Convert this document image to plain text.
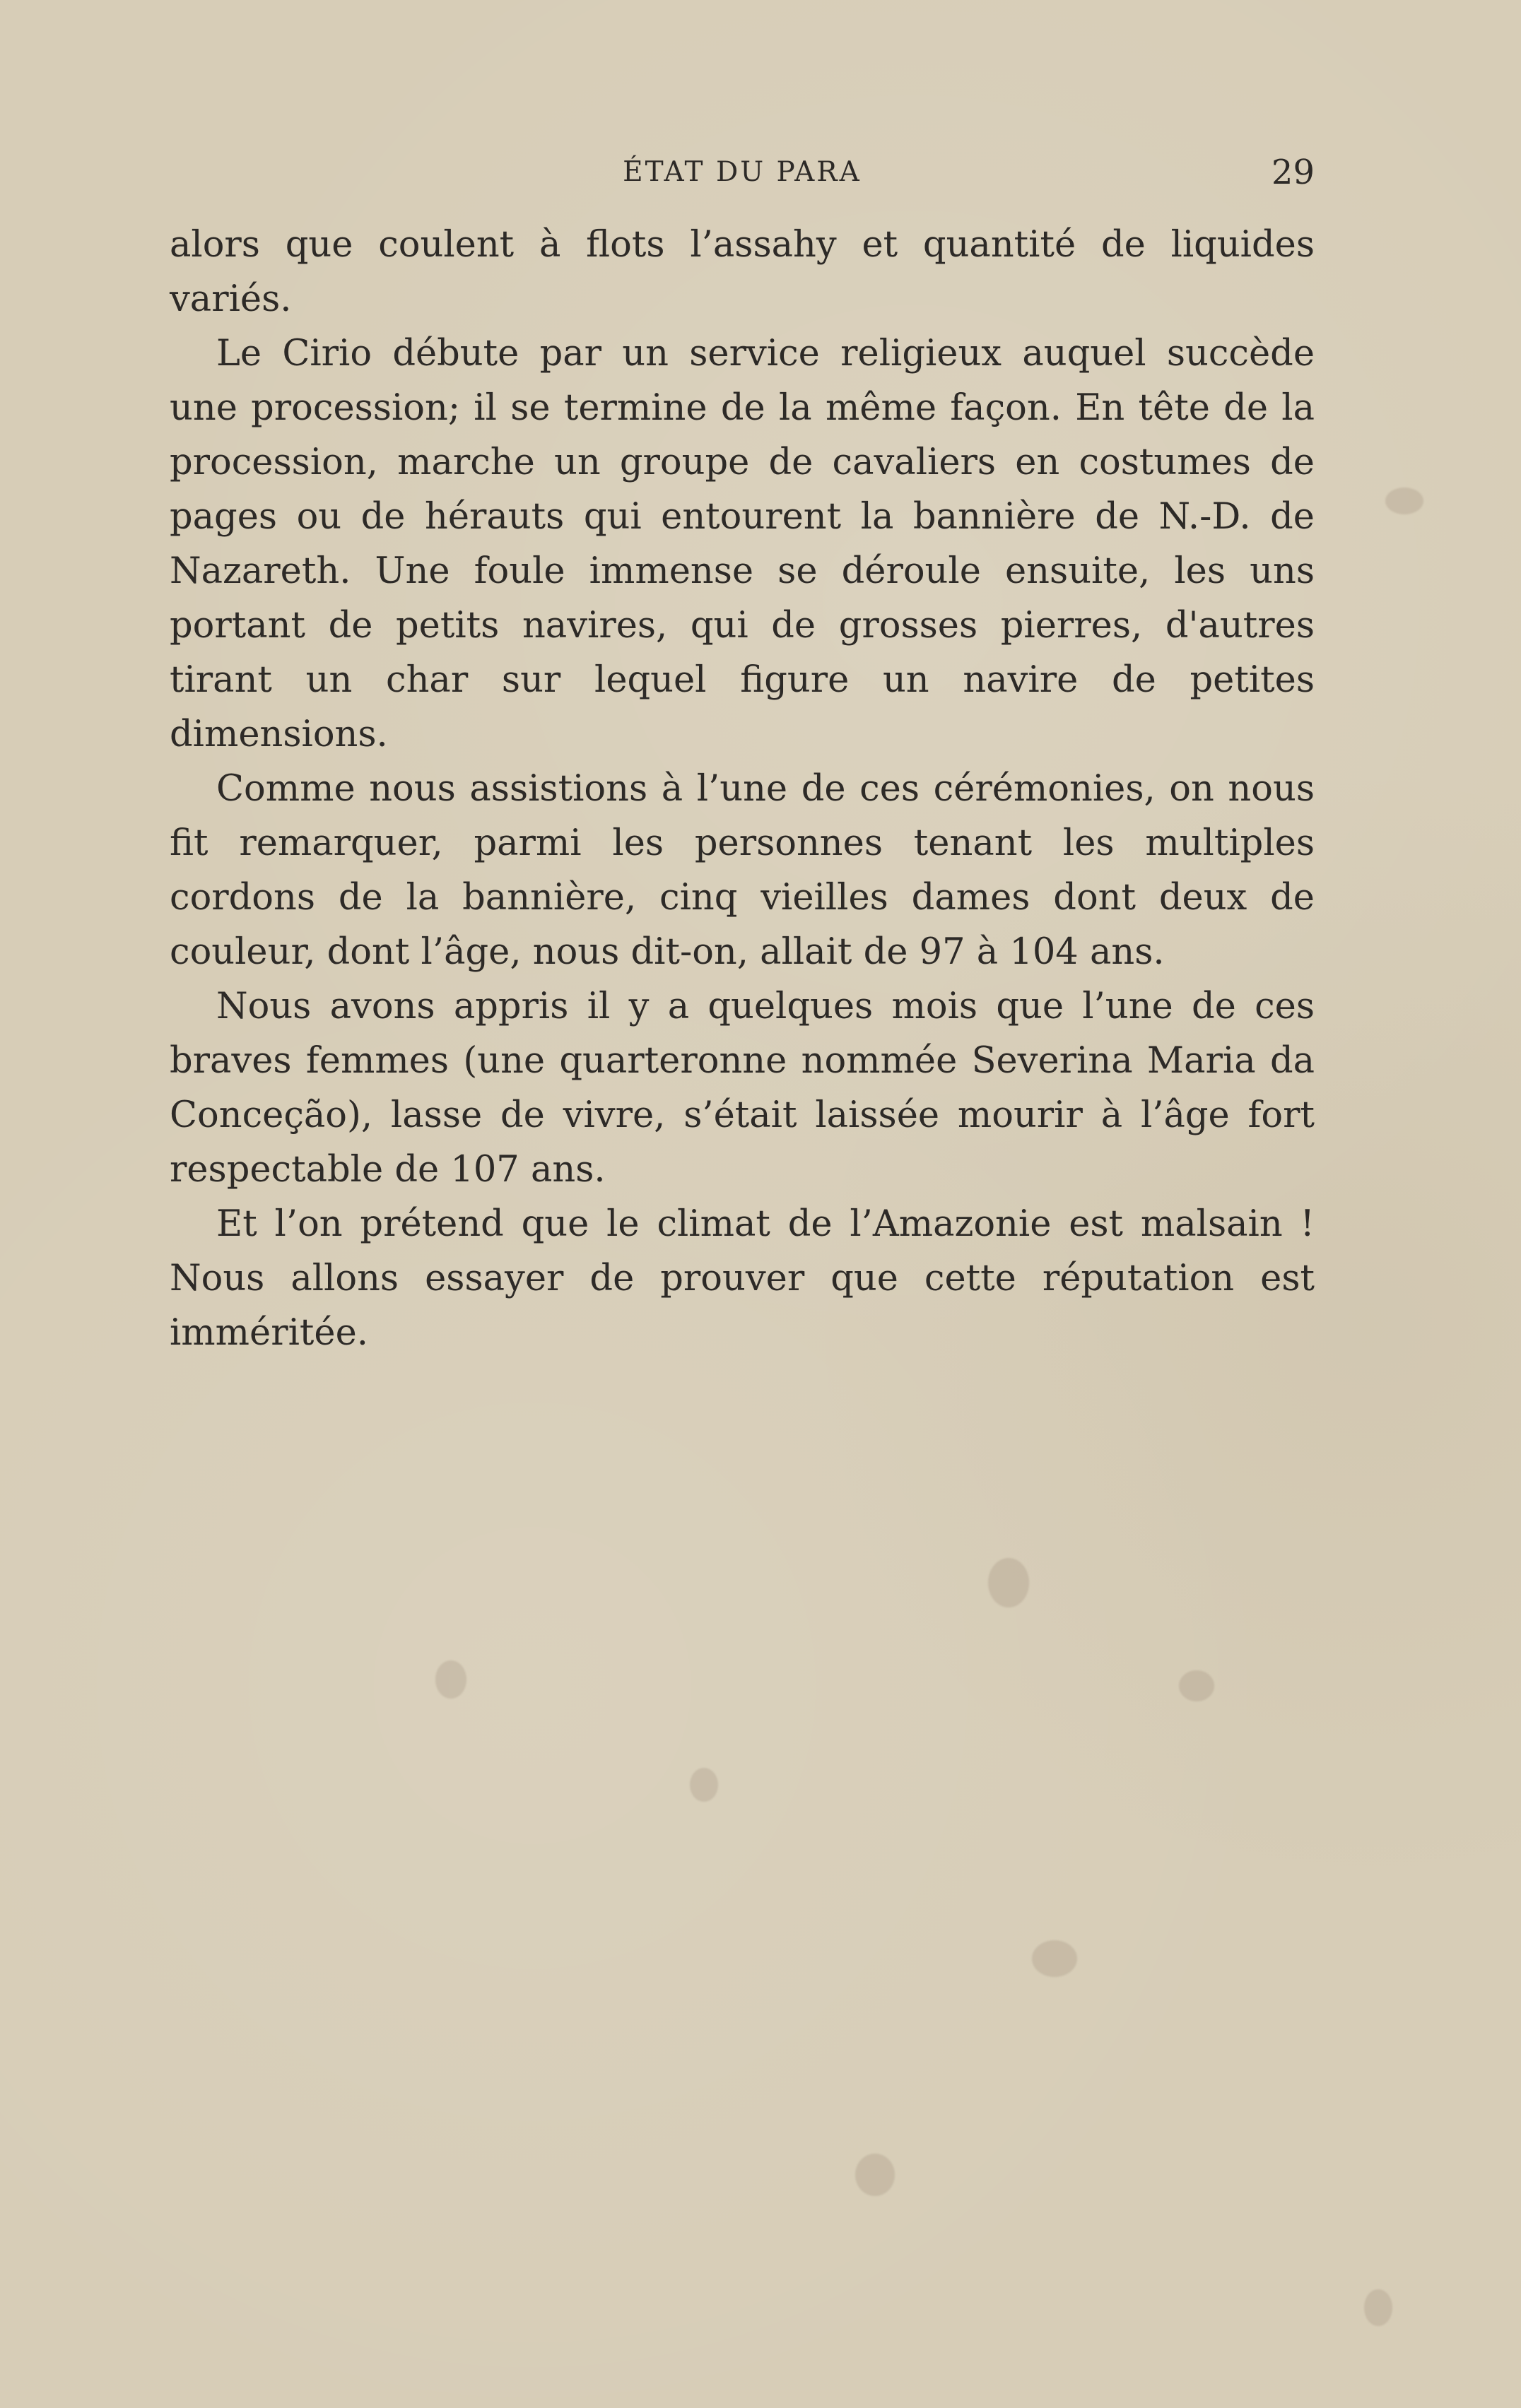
ÉTAT DU PARA	29

alors que coulent à flots l’assahy et quantité de liquides variés.

Le Cirio débute par un service religieux auquel succède une procession; il se termine de la même façon. En tête de la procession, marche un groupe de cavaliers en costumes de pages ou de hérauts qui entourent la bannière de N.-D. de Nazareth. Une foule immense se déroule ensuite, les uns portant de petits navires, qui de grosses pierres, d'autres tirant un char sur lequel figure un navire de petites dimensions.

Comme nous assistions à l’une de ces cérémonies, on nous fit remarquer, parmi les personnes tenant les multiples cordons de la bannière, cinq vieilles dames dont deux de couleur, dont l’âge, nous dit-on, allait de 97 à 104 ans.

Nous avons appris il y a quelques mois que l’une de ces braves femmes (une quarteronne nommée Severina Maria da Conceção), lasse de vivre, s’était laissée mourir à l’âge fort respectable de 107 ans.

Et l’on prétend que le climat de l’Amazonie est malsain ! Nous allons essayer de prouver que cette réputation est imméritée.
